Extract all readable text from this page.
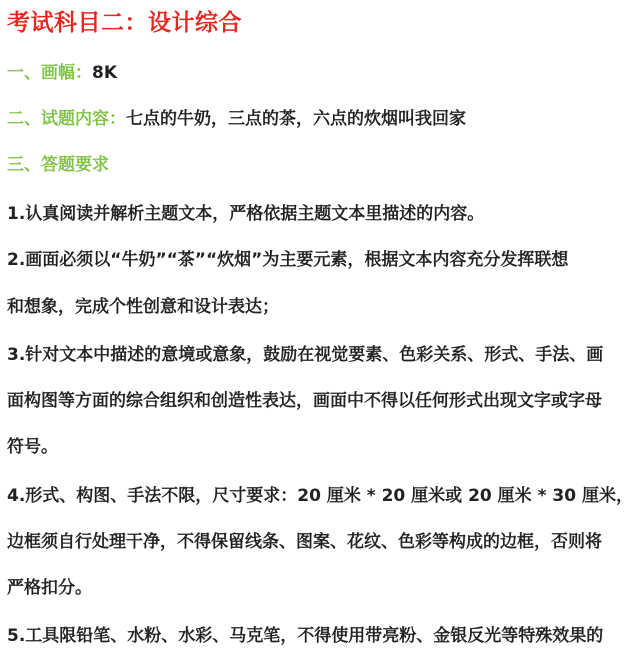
考试科目二：设计综合
一、画幅：8K
二、试题内容：七点的牛奶，三点的茶，六点的炊烟叫我回家
三、答题要求
1.认真阅读并解析主题文本，严格依据主题文本里描述的内容。
2.画面必须以“牛奶”“茶”“炊烟”为主要元素，根据文本内容充分发挥联想
和想象，完成个性创意和设计表达；
3.针对文本中描述的意境或意象，鼓励在视觉要素、色彩关系、形式、手法、画
面构图等方面的综合组织和创造性表达，画面中不得以任何形式出现文字或字母
符号。
4.形式、构图、手法不限，尺寸要求：20 厘米 * 20 厘米或 20 厘米 * 30 厘米，
边框须自行处理干净，不得保留线条、图案、花纹、色彩等构成的边框，否则将
严格扣分。
5.工具限铅笔、水粉、水彩、马克笔，不得使用带亮粉、金银反光等特殊效果的
